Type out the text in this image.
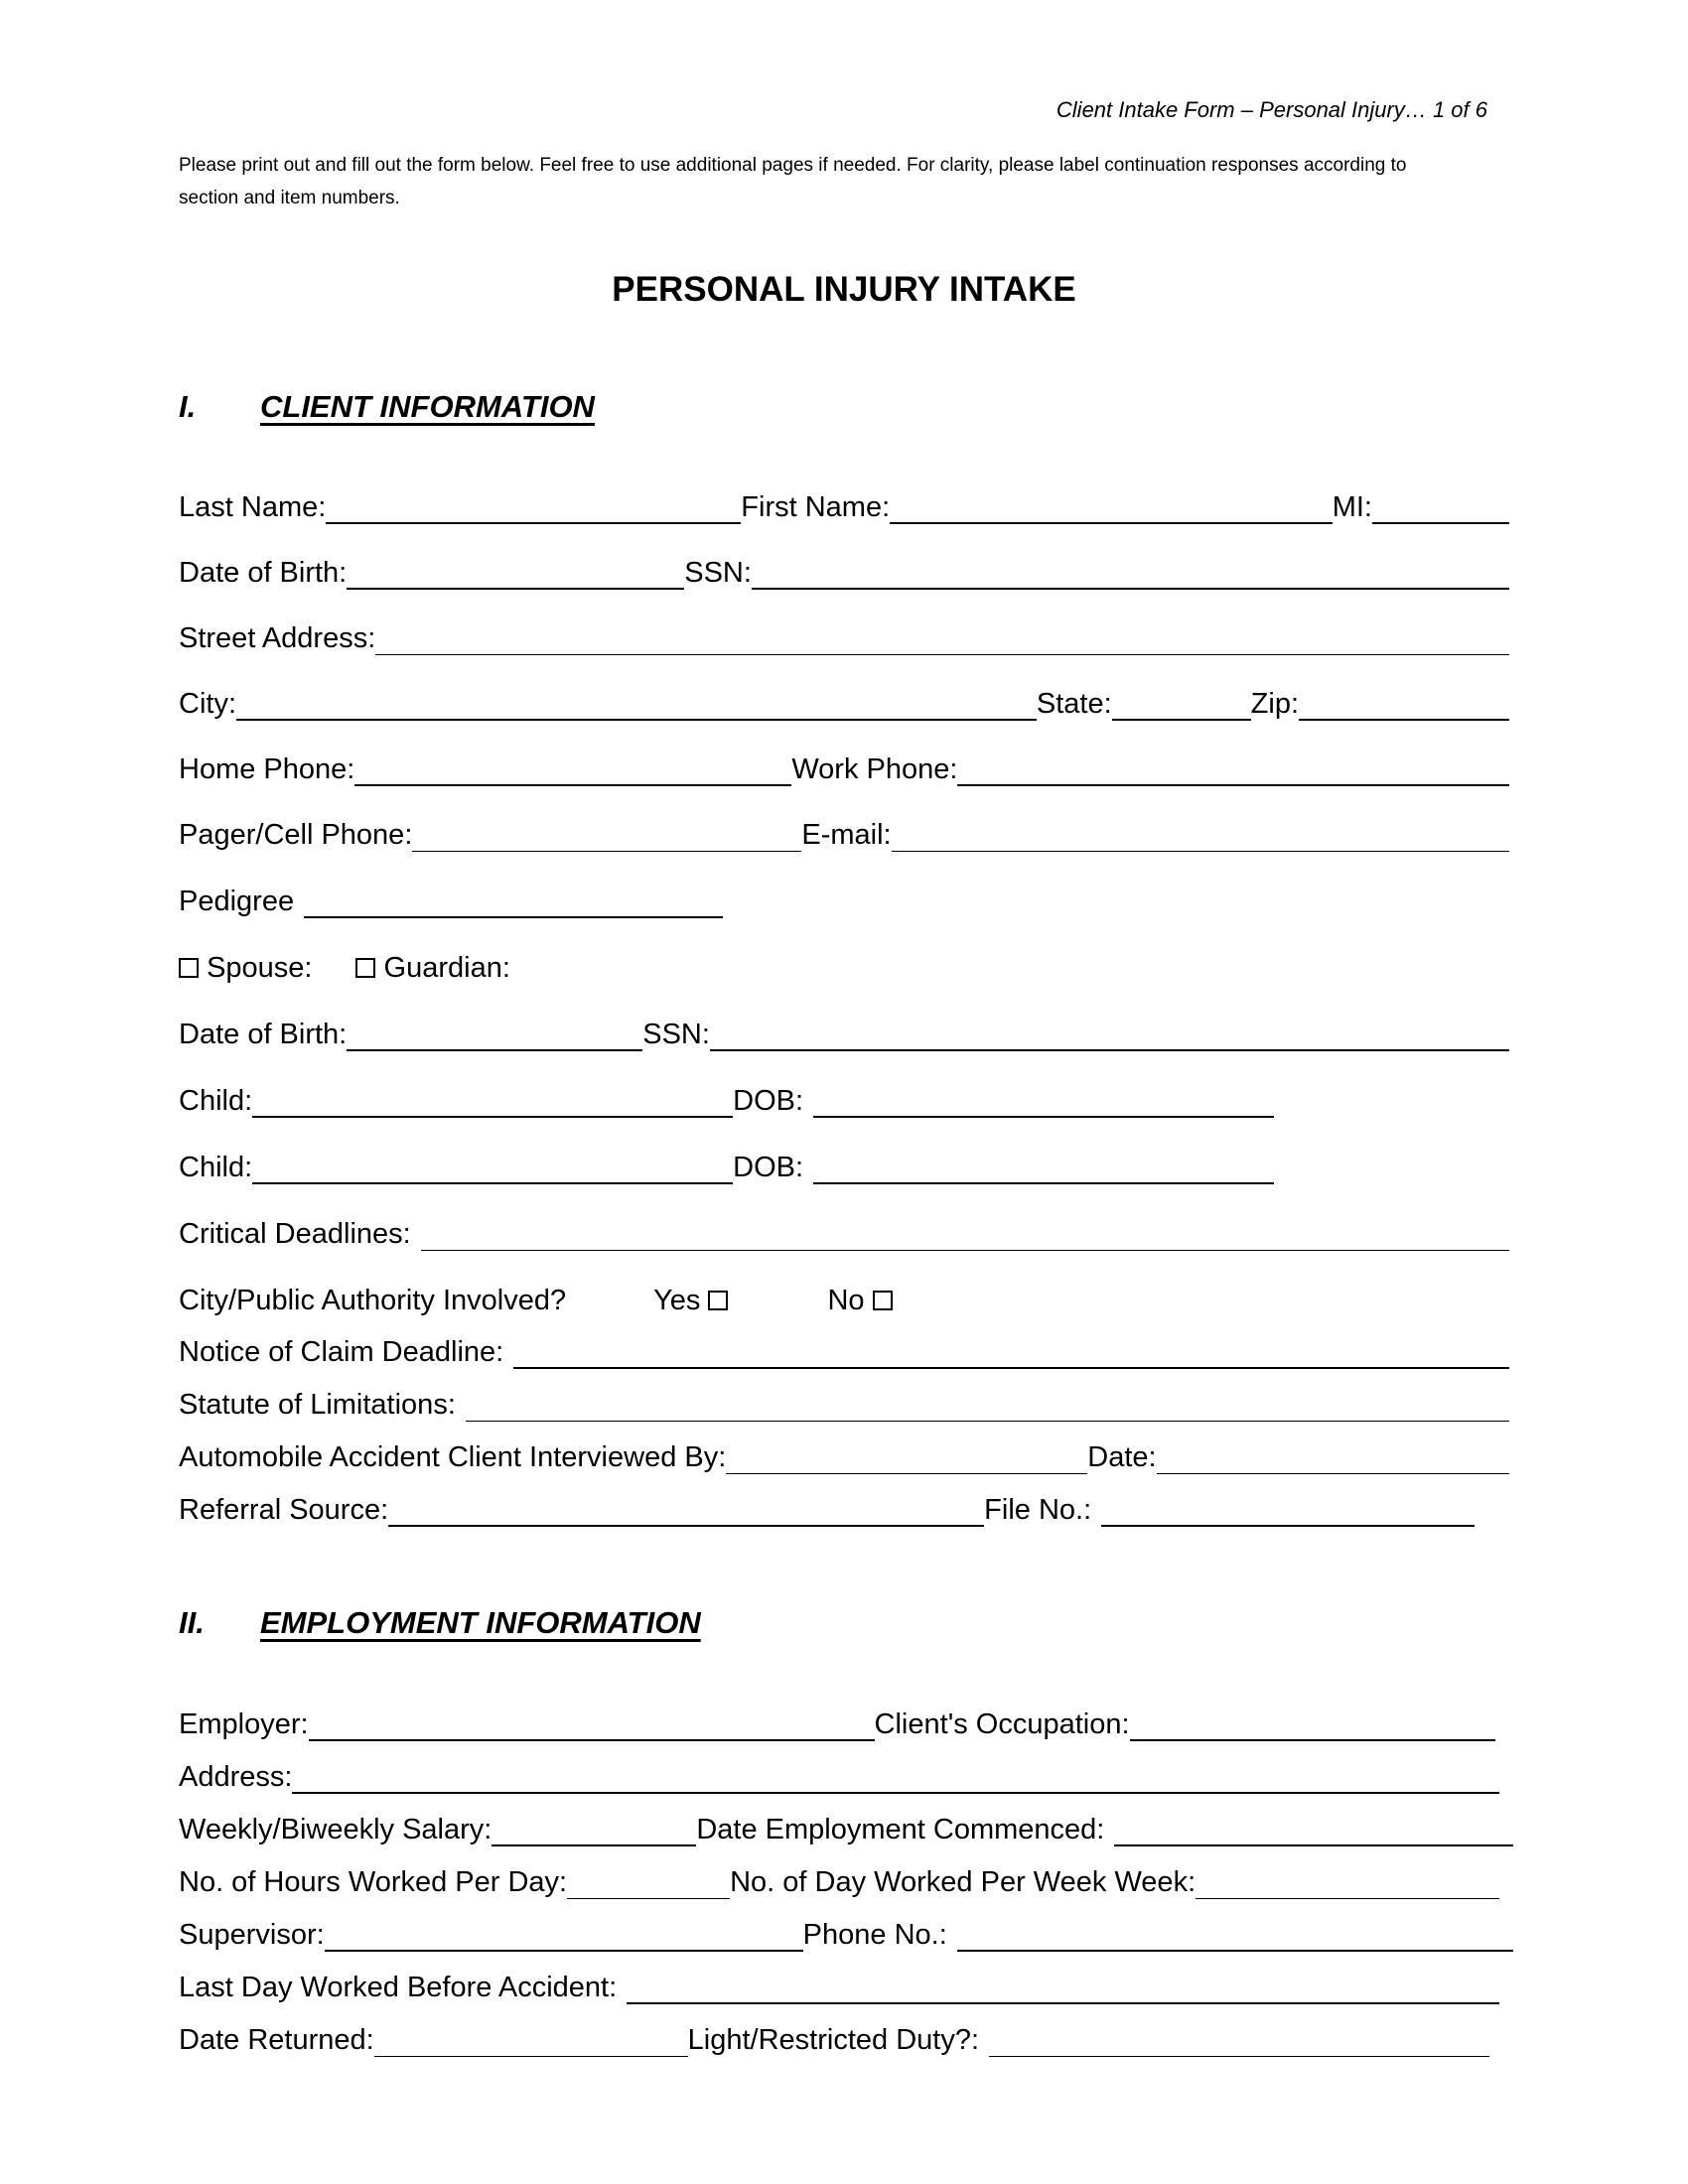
Client Intake Form – Personal Injury… 1 of 6
Please print out and fill out the form below. Feel free to use additional pages if needed. For clarity, please label continuation responses according to section and item numbers.
PERSONAL INJURY INTAKE
I. CLIENT INFORMATION
Last Name:	First Name:	MI:
Date of Birth:	SSN:
Street Address:
City:	State:	Zip:
Home Phone:	Work Phone:
Pager/Cell Phone:	E-mail:
Pedigree

Spouse:
Guardian:
Date of Birth:	SSN:
Child:	DOB:
Child:	DOB:
Critical Deadlines:
City/Public Authority Involved?	Yes
	No

Notice of Claim Deadline:
Statute of Limitations:
Automobile Accident Client Interviewed By:	Date:
Referral Source:	File No.:
II. EMPLOYMENT INFORMATION
Employer:	Client's Occupation:
Address:
Weekly/Biweekly Salary:	Date Employment Commenced:
No. of Hours Worked Per Day:	No. of Day Worked Per Week Week:
Supervisor:	Phone No.:
Last Day Worked Before Accident:
Date Returned:	Light/Restricted Duty?:
